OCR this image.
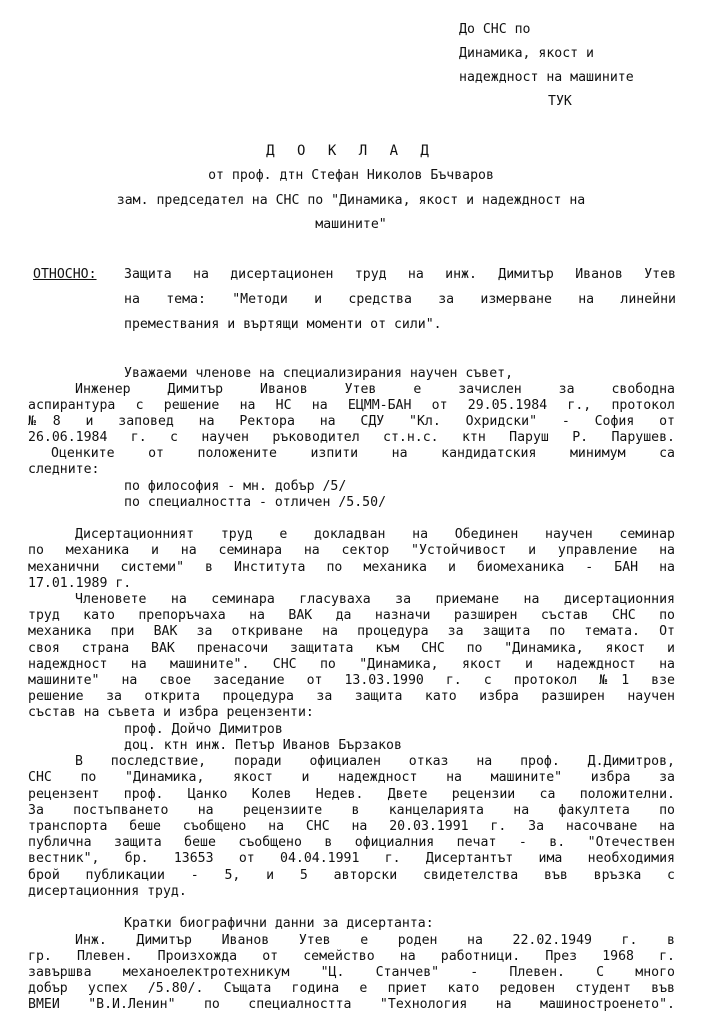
До СНС по
Динамика, якост и
надеждност на машините
ТУК
Д О К Л А Д
от проф. дтн Стефан Николов Бъчваров
зам. председател на СНС по "Динамика, якост и надеждност на
машините"
ОТНОСНО: Защита на дисертационен труд на инж. Димитър Иванов Утев
на тема: "Методи и средства за измерване на линейни
премествания и въртящи моменти от сили".
Уважаеми членове на специализирания научен съвет,
Инженер Димитър Иванов Утев е зачислен за свободна
аспирантура с решение на НС на ЕЦММ-БАН от 29.05.1984 г., протокол
№8 и заповед на Ректора на СДУ "Кл. Охридски" - София от
26.06.1984 г. с научен ръководител ст.н.с. ктн Паруш Р. Парушев.
Оценките от положените изпити на кандидатския минимум са
следните:
по философия - мн. добър /5/
по специалността - отличен /5.50/
Дисертационният труд е докладван на Обединен научен семинар
по механика и на семинара на сектор "Устойчивост и управление на
механични системи" в Института по механика и биомеханика - БАН на
17.01.1989 г.
Членовете на семинара гласуваха за приемане на дисертационния
труд като препоръчаха на ВАК да назначи разширен състав СНС по
механика при ВАК за откриване на процедура за защита по темата. От
своя страна ВАК пренасочи защитата към СНС по "Динамика, якост и
надеждност на машините". СНС по "Динамика, якост и надеждност на
машините" на свое заседание от 13.03.1990 г. с протокол №1 взе
решение за открита процедура за защита като избра разширен научен
състав на съвета и избра рецензенти:
проф. Дойчо Димитров
доц. ктн инж. Петър Иванов Бързаков
В последствие, поради официален отказ на проф. Д.Димитров,
СНС по "Динамика, якост и надеждност на машините" избра за
рецензент проф. Цанко Колев Недев. Двете рецензии са положителни.
За постъпването на рецензиите в канцеларията на факултета по
транспорта беше съобщено на СНС на 20.03.1991 г. За насочване на
публична защита беше съобщено в официалния печат - в. "Отечествен
вестник", бр. 13653 от 04.04.1991 г. Дисертантът има необходимия
брой публикации - 5, и 5 авторски свидетелства във връзка с
дисертационния труд.
Кратки биографични данни за дисертанта:
Инж. Димитър Иванов Утев е роден на 22.02.1949 г. в
гр. Плевен. Произхожда от семейство на работници. През 1968 г.
завършва механоелектротехникум "Ц. Станчев" - Плевен. С много
добър успех /5.80/. Същата година е приет като редовен студент във
ВМЕИ "В.И.Ленин" по специалността "Технология на машиностроенето".
